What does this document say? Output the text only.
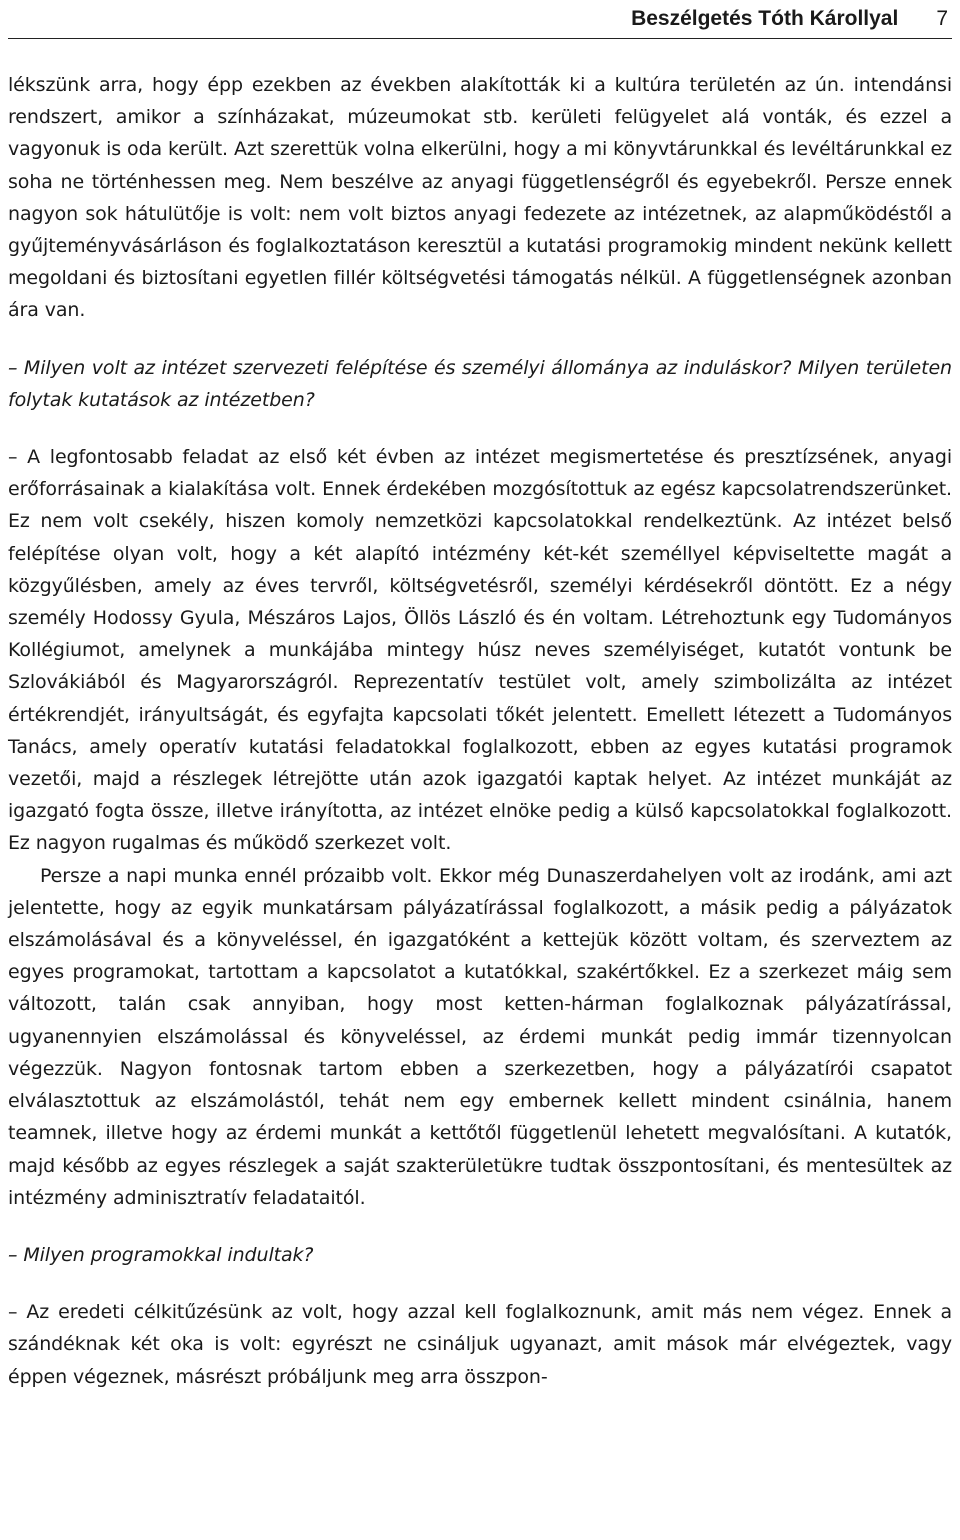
Beszélgetés Tóth Károllyal 7

lékszünk arra, hogy épp ezekben az években alakították ki a kultúra területén az ún. intendánsi rendszert, amikor a színházakat, múzeumokat stb. kerületi felügyelet alá vonták, és ezzel a vagyonuk is oda került. Azt szerettük volna elkerülni, hogy a mi könyvtárunkkal és levéltárunkkal ez soha ne történhessen meg. Nem beszélve az anyagi függetlenségről és egyebekről. Persze ennek nagyon sok hátulütője is volt: nem volt biztos anyagi fedezete az intézetnek, az alapműködéstől a gyűjteményvásárláson és foglalkoztatáson keresztül a kutatási programokig mindent nekünk kellett megoldani és biztosítani egyetlen fillér költségvetési támogatás nélkül. A függetlenségnek azonban ára van.

– Milyen volt az intézet szervezeti felépítése és személyi állománya az induláskor? Milyen területen folytak kutatások az intézetben?

– A legfontosabb feladat az első két évben az intézet megismertetése és presztízsének, anyagi erőforrásainak a kialakítása volt. Ennek érdekében mozgósítottuk az egész kapcsolatrendszerünket. Ez nem volt csekély, hiszen komoly nemzetközi kapcsolatokkal rendelkeztünk. Az intézet belső felépítése olyan volt, hogy a két alapító intézmény két-két személlyel képviseltette magát a közgyűlésben, amely az éves tervről, költségvetésről, személyi kérdésekről döntött. Ez a négy személy Hodossy Gyula, Mészáros Lajos, Öllös László és én voltam. Létrehoztunk egy Tudományos Kollégiumot, amelynek a munkájába mintegy húsz neves személyiséget, kutatót vontunk be Szlovákiából és Magyarországról. Reprezentatív testület volt, amely szimbolizálta az intézet értékrendjét, irányultságát, és egyfajta kapcsolati tőkét jelentett. Emellett létezett a Tudományos Tanács, amely operatív kutatási feladatokkal foglalkozott, ebben az egyes kutatási programok vezetői, majd a részlegek létrejötte után azok igazgatói kaptak helyet. Az intézet munkáját az igazgató fogta össze, illetve irányította, az intézet elnöke pedig a külső kapcsolatokkal foglalkozott. Ez nagyon rugalmas és működő szerkezet volt.

Persze a napi munka ennél prózaibb volt. Ekkor még Dunaszerdahelyen volt az irodánk, ami azt jelentette, hogy az egyik munkatársam pályázatírással foglalkozott, a másik pedig a pályázatok elszámolásával és a könyveléssel, én igazgatóként a kettejük között voltam, és szerveztem az egyes programokat, tartottam a kapcsolatot a kutatókkal, szakértőkkel. Ez a szerkezet máig sem változott, talán csak annyiban, hogy most ketten-hárman foglalkoznak pályázatírással, ugyanennyien elszámolással és könyveléssel, az érdemi munkát pedig immár tizennyolcan végezzük. Nagyon fontosnak tartom ebben a szerkezetben, hogy a pályázatírói csapatot elválasztottuk az elszámolástól, tehát nem egy embernek kellett mindent csinálnia, hanem teamnek, illetve hogy az érdemi munkát a kettőtől függetlenül lehetett megvalósítani. A kutatók, majd később az egyes részlegek a saját szakterületükre tudtak összpontosítani, és mentesültek az intézmény adminisztratív feladataitól.

– Milyen programokkal indultak?

– Az eredeti célkitűzésünk az volt, hogy azzal kell foglalkoznunk, amit más nem végez. Ennek a szándéknak két oka is volt: egyrészt ne csináljuk ugyanazt, amit mások már elvégeztek, vagy éppen végeznek, másrészt próbáljunk meg arra összpon-
